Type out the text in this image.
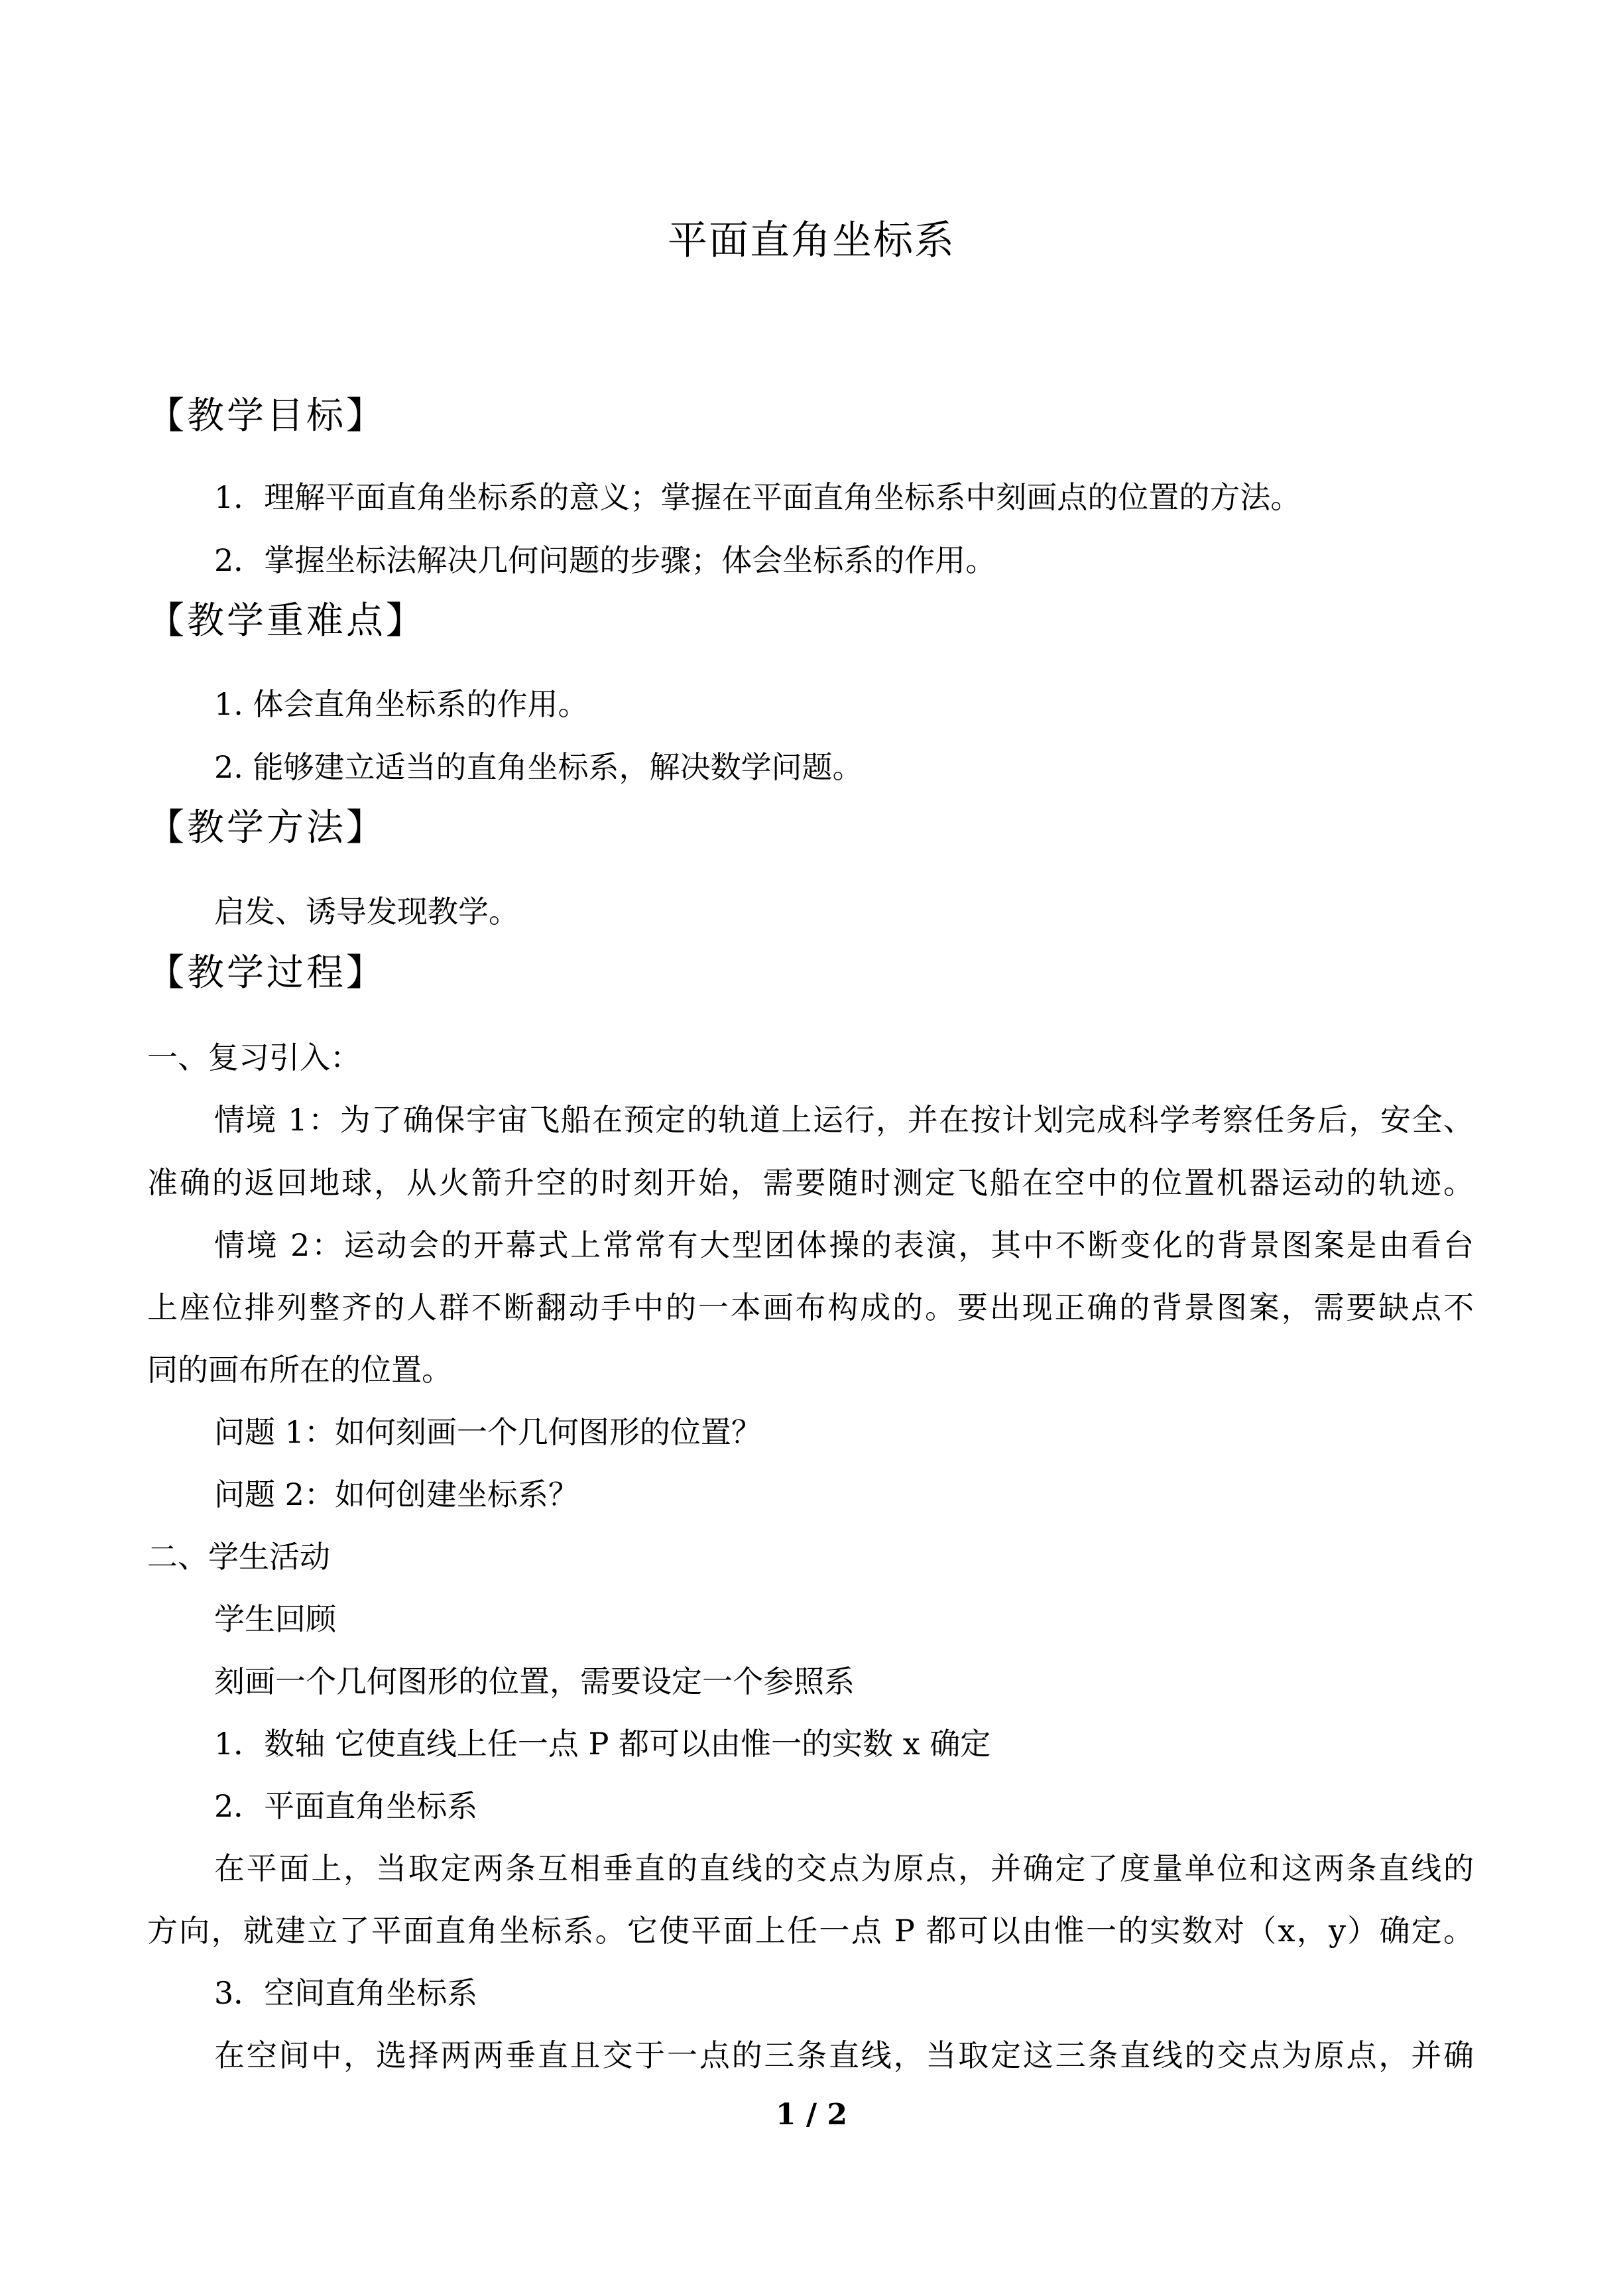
平面直角坐标系
【教学目标】
1．理解平面直角坐标系的意义；掌握在平面直角坐标系中刻画点的位置的方法。
2．掌握坐标法解决几何问题的步骤；体会坐标系的作用。
【教学重难点】
1. 体会直角坐标系的作用。
2. 能够建立适当的直角坐标系，解决数学问题。
【教学方法】
启发、诱导发现教学。
【教学过程】
一、复习引入：
情境 1：为了确保宇宙飞船在预定的轨道上运行，并在按计划完成科学考察任务后，安全、
准确的返回地球，从火箭升空的时刻开始，需要随时测定飞船在空中的位置机器运动的轨迹。
情境 2：运动会的开幕式上常常有大型团体操的表演，其中不断变化的背景图案是由看台
上座位排列整齐的人群不断翻动手中的一本画布构成的。要出现正确的背景图案，需要缺点不
同的画布所在的位置。
问题 1：如何刻画一个几何图形的位置？
问题 2：如何创建坐标系？
二、学生活动
学生回顾
刻画一个几何图形的位置，需要设定一个参照系
1．数轴 它使直线上任一点 P 都可以由惟一的实数 x 确定
2．平面直角坐标系
在平面上，当取定两条互相垂直的直线的交点为原点，并确定了度量单位和这两条直线的
方向，就建立了平面直角坐标系。它使平面上任一点 P 都可以由惟一的实数对（x，y）确定。
3．空间直角坐标系
在空间中，选择两两垂直且交于一点的三条直线，当取定这三条直线的交点为原点，并确
1 / 2
